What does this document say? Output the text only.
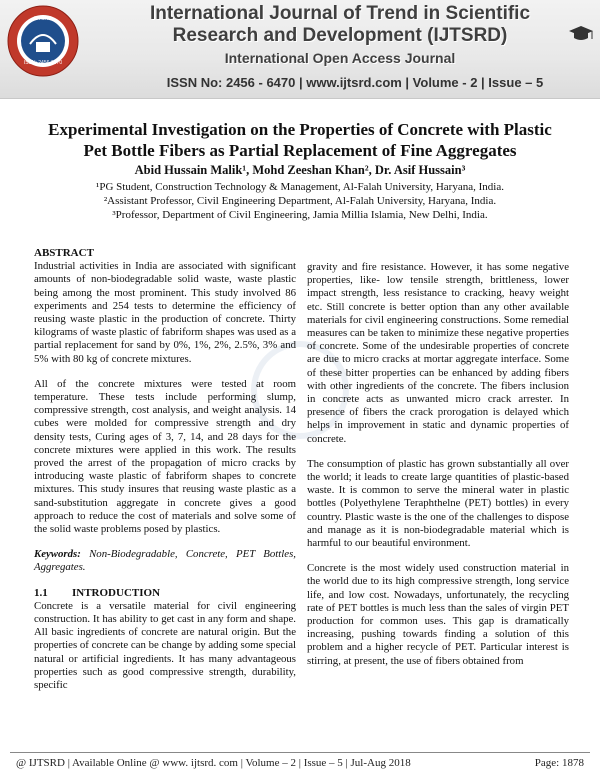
ISSN: 2456-6470
IJTSRD	International Journal of Trend in Scientific
Research and Development (IJTSRD)
International Open Access Journal
ISSN No: 2456 - 6470 | www.ijtsrd.com | Volume - 2 | Issue – 5
Experimental Investigation on the Properties of Concrete with Plastic
Pet Bottle Fibers as Partial Replacement of Fine Aggregates
Abid Hussain Malik¹, Mohd Zeeshan Khan², Dr. Asif Hussain³
¹PG Student, Construction Technology & Management, Al-Falah University, Haryana, India.
²Assistant Professor, Civil Engineering Department, Al-Falah University, Haryana, India.
³Professor, Department of Civil Engineering, Jamia Millia Islamia, New Delhi, India.
ABSTRACT

Industrial activities in India are associated with significant amounts of non-biodegradable solid waste, waste plastic being among the most prominent. This study involved 86 experiments and 254 tests to determine the efficiency of reusing waste plastic in the production of concrete. Thirty kilograms of waste plastic of fabriform shapes was used as a partial replacement for sand by 0%, 1%, 2%, 2.5%, 3% and 5% with 80 kg of concrete mixtures.

All of the concrete mixtures were tested at room temperature. These tests include performing slump, compressive strength, cost analysis, and weight analysis. 14 cubes were molded for compressive strength and dry density tests, Curing ages of 3, 7, 14, and 28 days for the concrete mixtures were applied in this work. The results proved the arrest of the propagation of micro cracks by introducing waste plastic of fabriform shapes to concrete mixtures. This study insures that reusing waste plastic as a sand-substitution aggregate in concrete gives a good approach to reduce the cost of materials and solve some of the solid waste problems posed by plastics.

Keywords: Non-Biodegradable, Concrete, PET Bottles, Aggregates.

1.1 INTRODUCTION

Concrete is a versatile material for civil engineering construction. It has ability to get cast in any form and shape. All basic ingredients of concrete are natural origin. But the properties of concrete can be change by adding some special natural or artificial ingredients. It has many advantageous properties such as good compressive strength, durability, specific

gravity and fire resistance. However, it has some negative properties, like- low tensile strength, brittleness, lower impact strength, less resistance to cracking, heavy weight etc. Still concrete is better option than any other available materials for civil engineering constructions. Some remedial measures can be taken to minimize these negative properties of concrete. Some of the undesirable properties of concrete are due to micro cracks at mortar aggregate interface. Some of these bitter properties can be enhanced by adding fibers with other ingredients of the concrete. The fibers inclusion in concrete acts as unwanted micro crack arrester. In presence of fibers the crack prorogation is delayed which helps in improvement in static and dynamic properties of concrete.

The consumption of plastic has grown substantially all over the world; it leads to create large quantities of plastic-based waste. It is common to serve the mineral water in plastic bottles (Polyethylene Teraphthelne (PET) bottles) in every country. Plastic waste is the one of the challenges to dispose and manage as it is non-biodegradable material which is harmful to our beautiful environment.

Concrete is the most widely used construction material in the world due to its high compressive strength, long service life, and low cost. Nowadays, unfortunately, the recycling rate of PET bottles is much less than the sales of virgin PET production for common uses. This gap is dramatically increasing, pushing towards finding a solution of this problem and a higher recycle of PET. Particular interest is stirring, at present, the use of fibers obtained from

@ IJTSRD | Available Online @ www. ijtsrd. com | Volume – 2 | Issue – 5 | Jul-Aug 2018	Page: 1878
